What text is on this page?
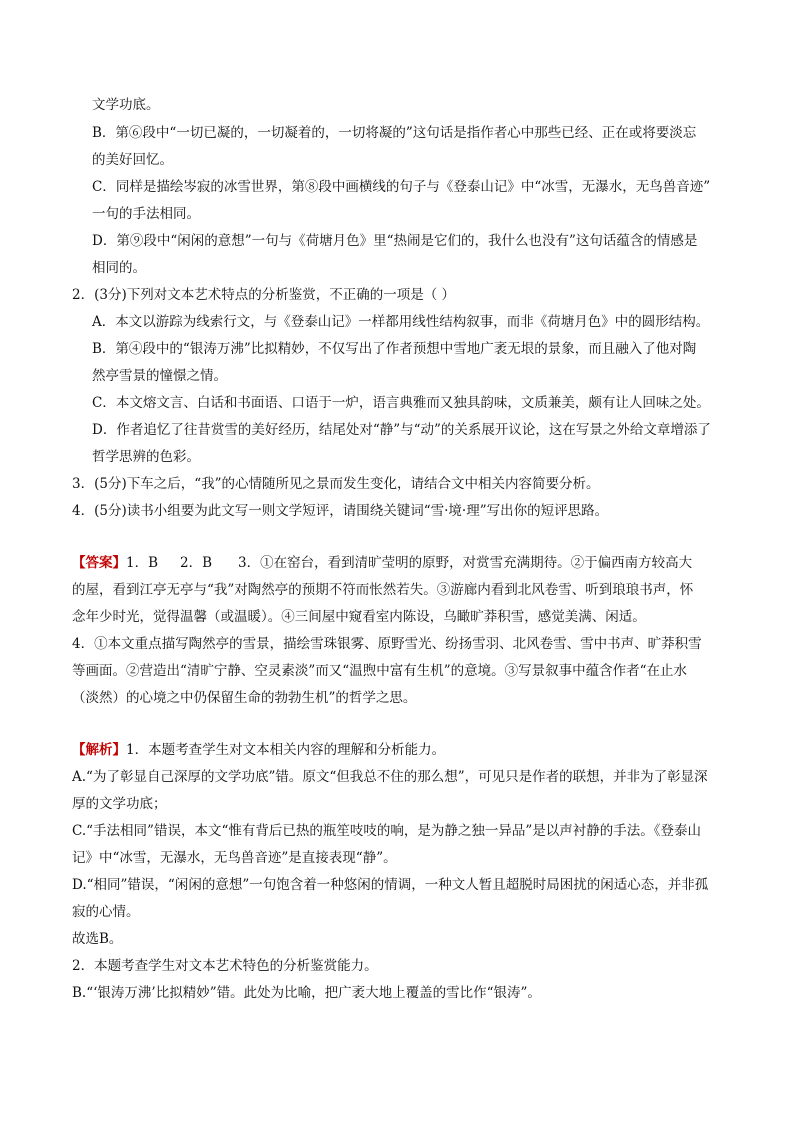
文学功底。
B．第⑥段中“一切已凝的，一切凝着的，一切将凝的”这句话是指作者心中那些已经、正在或将要淡忘
的美好回忆。
C．同样是描绘岑寂的冰雪世界，第⑧段中画横线的句子与《登泰山记》中“冰雪，无瀑水，无鸟兽音迹”
一句的手法相同。
D．第⑨段中“闲闲的意想”一句与《荷塘月色》里“热闹是它们的，我什么也没有”这句话蕴含的情感是
相同的。
2．(3分)下列对文本艺术特点的分析鉴赏，不正确的一项是（ ）
A．本文以游踪为线索行文，与《登泰山记》一样都用线性结构叙事，而非《荷塘月色》中的圆形结构。
B．第④段中的“银涛万沸”比拟精妙，不仅写出了作者预想中雪地广袤无垠的景象，而且融入了他对陶
然亭雪景的憧憬之情。
C．本文熔文言、白话和书面语、口语于一炉，语言典雅而又独具韵味，文质兼美，颇有让人回味之处。
D．作者追忆了往昔赏雪的美好经历，结尾处对“静”与“动”的关系展开议论，这在写景之外给文章增添了
哲学思辨的色彩。
3．(5分)下车之后，“我”的心情随所见之景而发生变化，请结合文中相关内容简要分析。
4．(5分)读书小组要为此文写一则文学短评，请围绕关键词“雪·境·理”写出你的短评思路。
【答案】1．B 2．B 3．①在窑台，看到清旷莹明的原野，对赏雪充满期待。②于偏西南方较高大
的屋，看到江亭无亭与“我”对陶然亭的预期不符而怅然若失。③游廊内看到北风卷雪、听到琅琅书声，怀
念年少时光，觉得温馨（或温暖）。④三间屋中窥看室内陈设，乌瞰旷莽积雪，感觉美满、闲适。
4．①本文重点描写陶然亭的雪景，描绘雪珠银雾、原野雪光、纷扬雪羽、北风卷雪、雪中书声、旷莽积雪
等画面。②营造出“清旷宁静、空灵素淡”而又“温煦中富有生机”的意境。③写景叙事中蕴含作者“在止水
（淡然）的心境之中仍保留生命的勃勃生机”的哲学之思。
【解析】1．本题考查学生对文本相关内容的理解和分析能力。
A.“为了彰显自己深厚的文学功底”错。原文“但我总不住的那么想”，可见只是作者的联想，并非为了彰显深
厚的文学功底；
C.“手法相同”错误，本文“惟有背后已热的瓶笙吱吱的响，是为静之独一异品”是以声衬静的手法。《登泰山
记》中“冰雪，无瀑水，无鸟兽音迹”是直接表现“静”。
D.“相同”错误，“闲闲的意想”一句饱含着一种悠闲的情调，一种文人暂且超脱时局困扰的闲适心态，并非孤
寂的心情。
故选B。
2．本题考查学生对文本艺术特色的分析鉴赏能力。
B.“‘银涛万沸’比拟精妙”错。此处为比喻，把广袤大地上覆盖的雪比作“银涛”。
